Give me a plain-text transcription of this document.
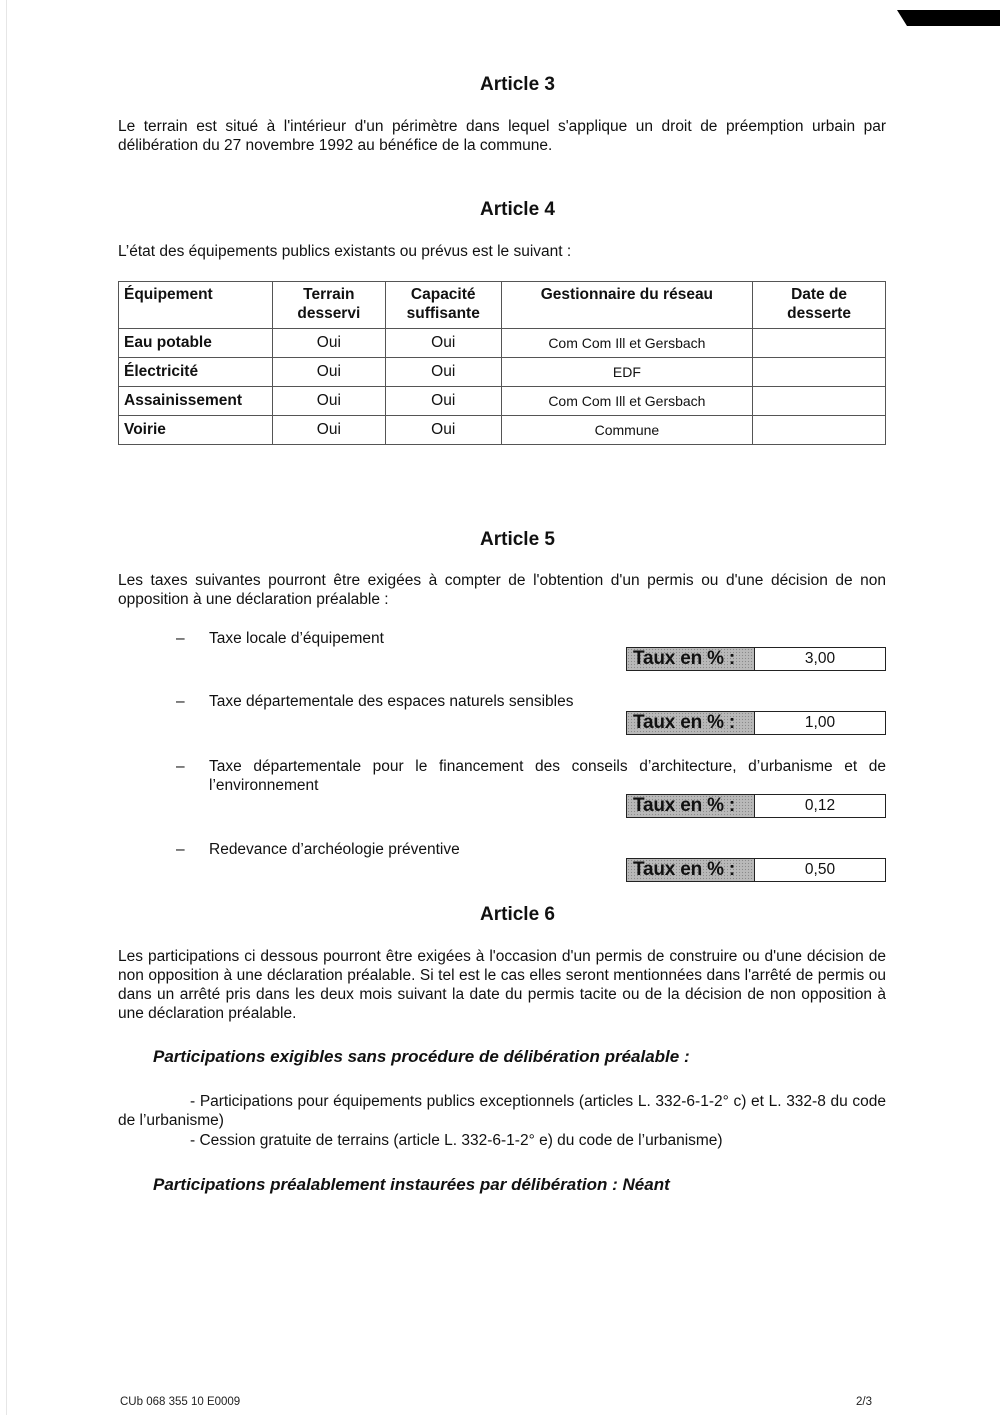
Article 3
Le terrain est situé à l'intérieur d'un périmètre dans lequel s'applique un droit de préemption urbain par délibération du 27 novembre 1992 au bénéfice de la commune.
Article 4
L’état des équipements publics existants ou prévus est le suivant :
Équipement	Terrain desservi	Capacité suffisante	Gestionnaire du réseau	Date de desserte
Eau potable	Oui	Oui	Com Com Ill et Gersbach	
Électricité	Oui	Oui	EDF	
Assainissement	Oui	Oui	Com Com Ill et Gersbach	
Voirie	Oui	Oui	Commune	
Article 5
Les taxes suivantes pourront être exigées à compter de l'obtention d'un permis ou d'une décision de non opposition à une déclaration préalable :
– Taxe locale d’équipement
Taux en % :	3,00
– Taxe départementale des espaces naturels sensibles
Taux en % :	1,00
– Taxe départementale pour le financement des conseils d’architecture, d’urbanisme et de l’environnement
Taux en % :	0,12
– Redevance d’archéologie préventive
Taux en % :	0,50
Article 6
Les participations ci dessous pourront être exigées à l'occasion d'un permis de construire ou d'une décision de non opposition à une déclaration préalable. Si tel est le cas elles seront mentionnées dans l'arrêté de permis ou dans un arrêté pris dans les deux mois suivant la date du permis tacite ou de la décision de non opposition à une déclaration préalable.
Participations exigibles sans procédure de délibération préalable :
- Participations pour équipements publics exceptionnels (articles L. 332-6-1-2° c) et L. 332-8 du code de l’urbanisme)
- Cession gratuite de terrains (article L. 332-6-1-2° e) du code de l’urbanisme)
Participations préalablement instaurées par délibération : Néant
CUb 068 355 10 E0009	2/3
